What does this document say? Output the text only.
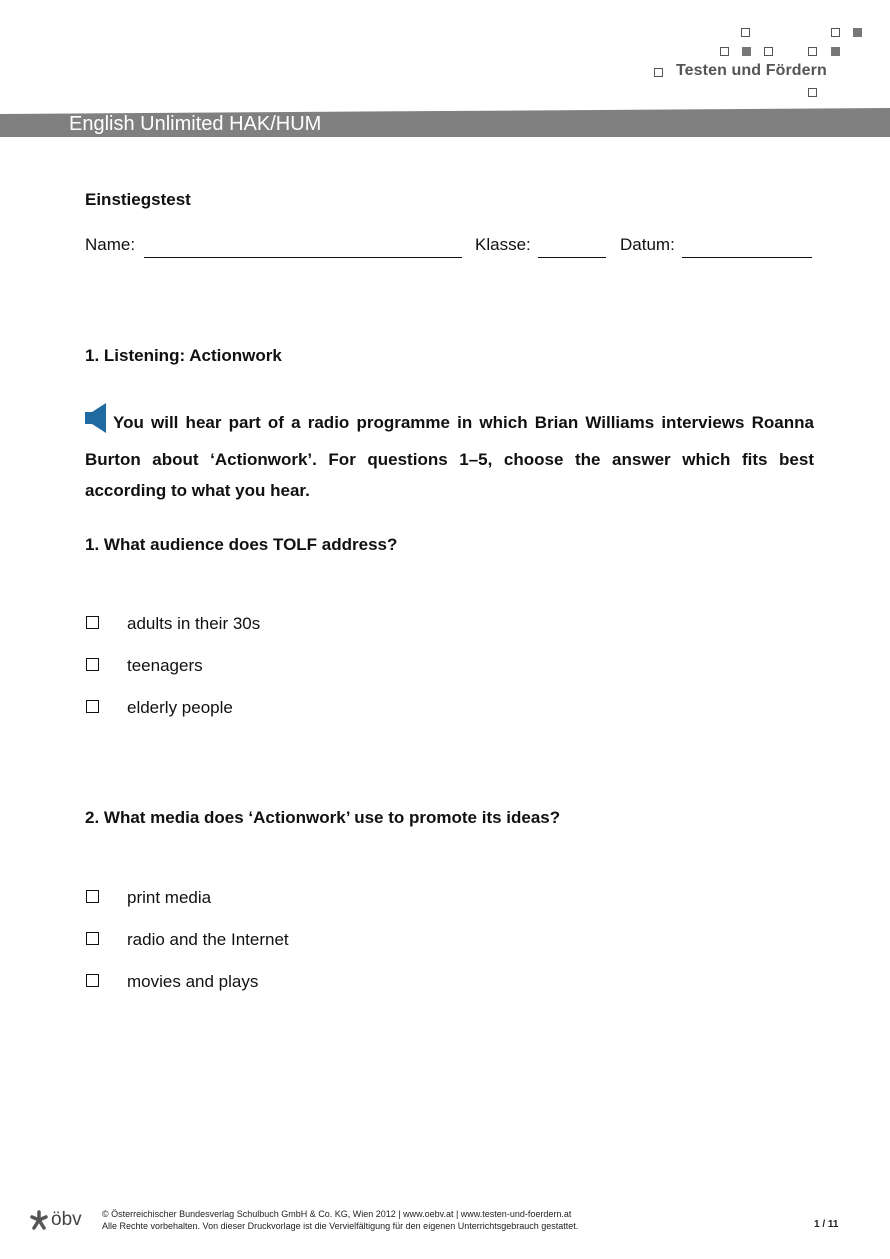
Testen und Fördern
English Unlimited HAK/HUM
Einstiegstest
Name:	Klasse:	Datum:
1. Listening: Actionwork
You will hear part of a radio programme in which Brian Williams interviews Roanna Burton about ‘Actionwork’. For questions 1–5, choose the answer which fits best according to what you hear.
1. What audience does TOLF address?
adults in their 30s
teenagers
elderly people
2. What media does ‘Actionwork’ use to promote its ideas?
print media
radio and the Internet
movies and plays
öbv © Österreichischer Bundesverlag Schulbuch GmbH & Co. KG, Wien 2012 | www.oebv.at | www.testen-und-foerdern.at
Alle Rechte vorbehalten. Von dieser Druckvorlage ist die Vervielfältigung für den eigenen Unterrichtsgebrauch gestattet.	1 / 11
